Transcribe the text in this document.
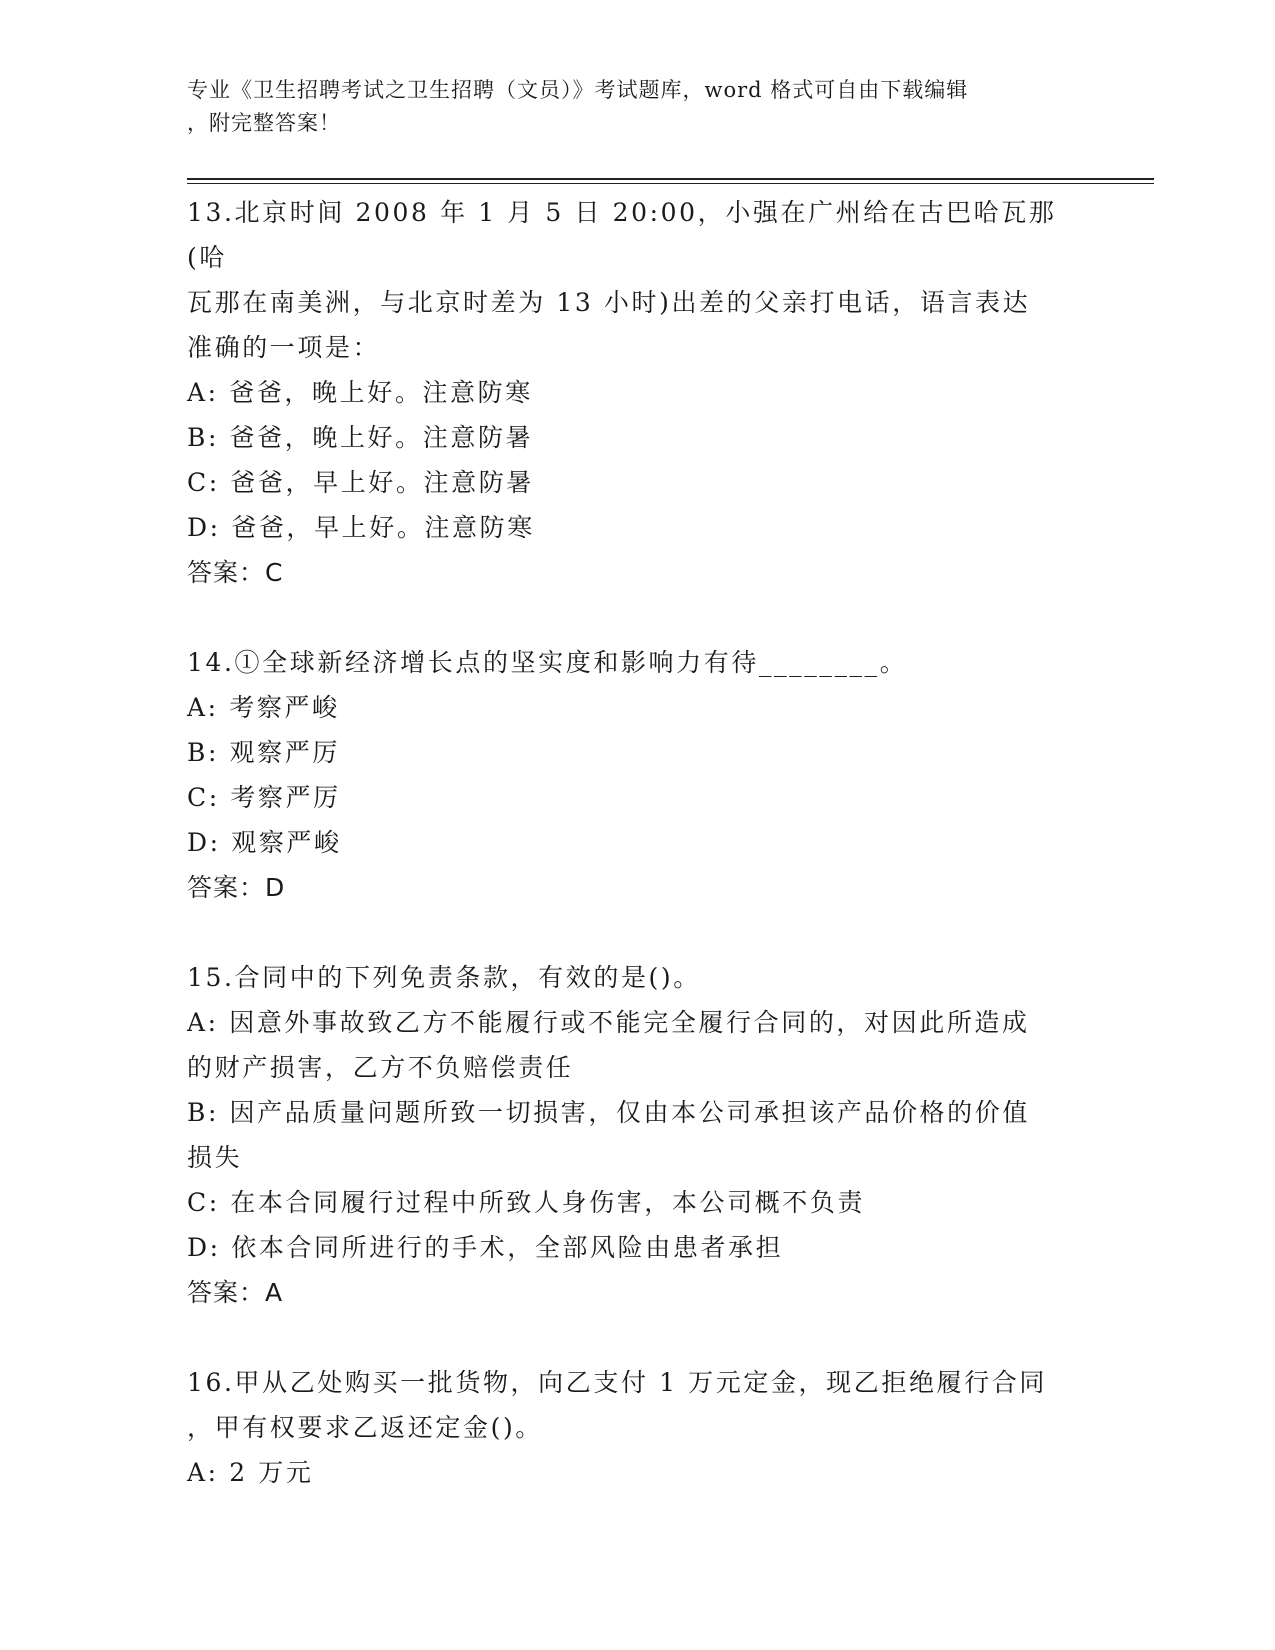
专业《卫生招聘考试之卫生招聘（文员）》考试题库，word 格式可自由下载编辑
，附完整答案！
13.北京时间 2008 年 1 月 5 日 20:00，小强在广州给在古巴哈瓦那(哈
瓦那在南美洲，与北京时差为 13 小时)出差的父亲打电话，语言表达
准确的一项是：
A: 爸爸，晚上好。注意防寒
B: 爸爸，晚上好。注意防暑
C: 爸爸，早上好。注意防暑
D: 爸爸，早上好。注意防寒
答案：C
14.①全球新经济增长点的坚实度和影响力有待________。
A: 考察严峻
B: 观察严厉
C: 考察严厉
D: 观察严峻
答案：D
15.合同中的下列免责条款，有效的是()。
A: 因意外事故致乙方不能履行或不能完全履行合同的，对因此所造成
的财产损害，乙方不负赔偿责任
B: 因产品质量问题所致一切损害，仅由本公司承担该产品价格的价值
损失
C: 在本合同履行过程中所致人身伤害，本公司概不负责
D: 依本合同所进行的手术，全部风险由患者承担
答案：A
16.甲从乙处购买一批货物，向乙支付 1 万元定金，现乙拒绝履行合同
，甲有权要求乙返还定金()。
A: 2 万元
